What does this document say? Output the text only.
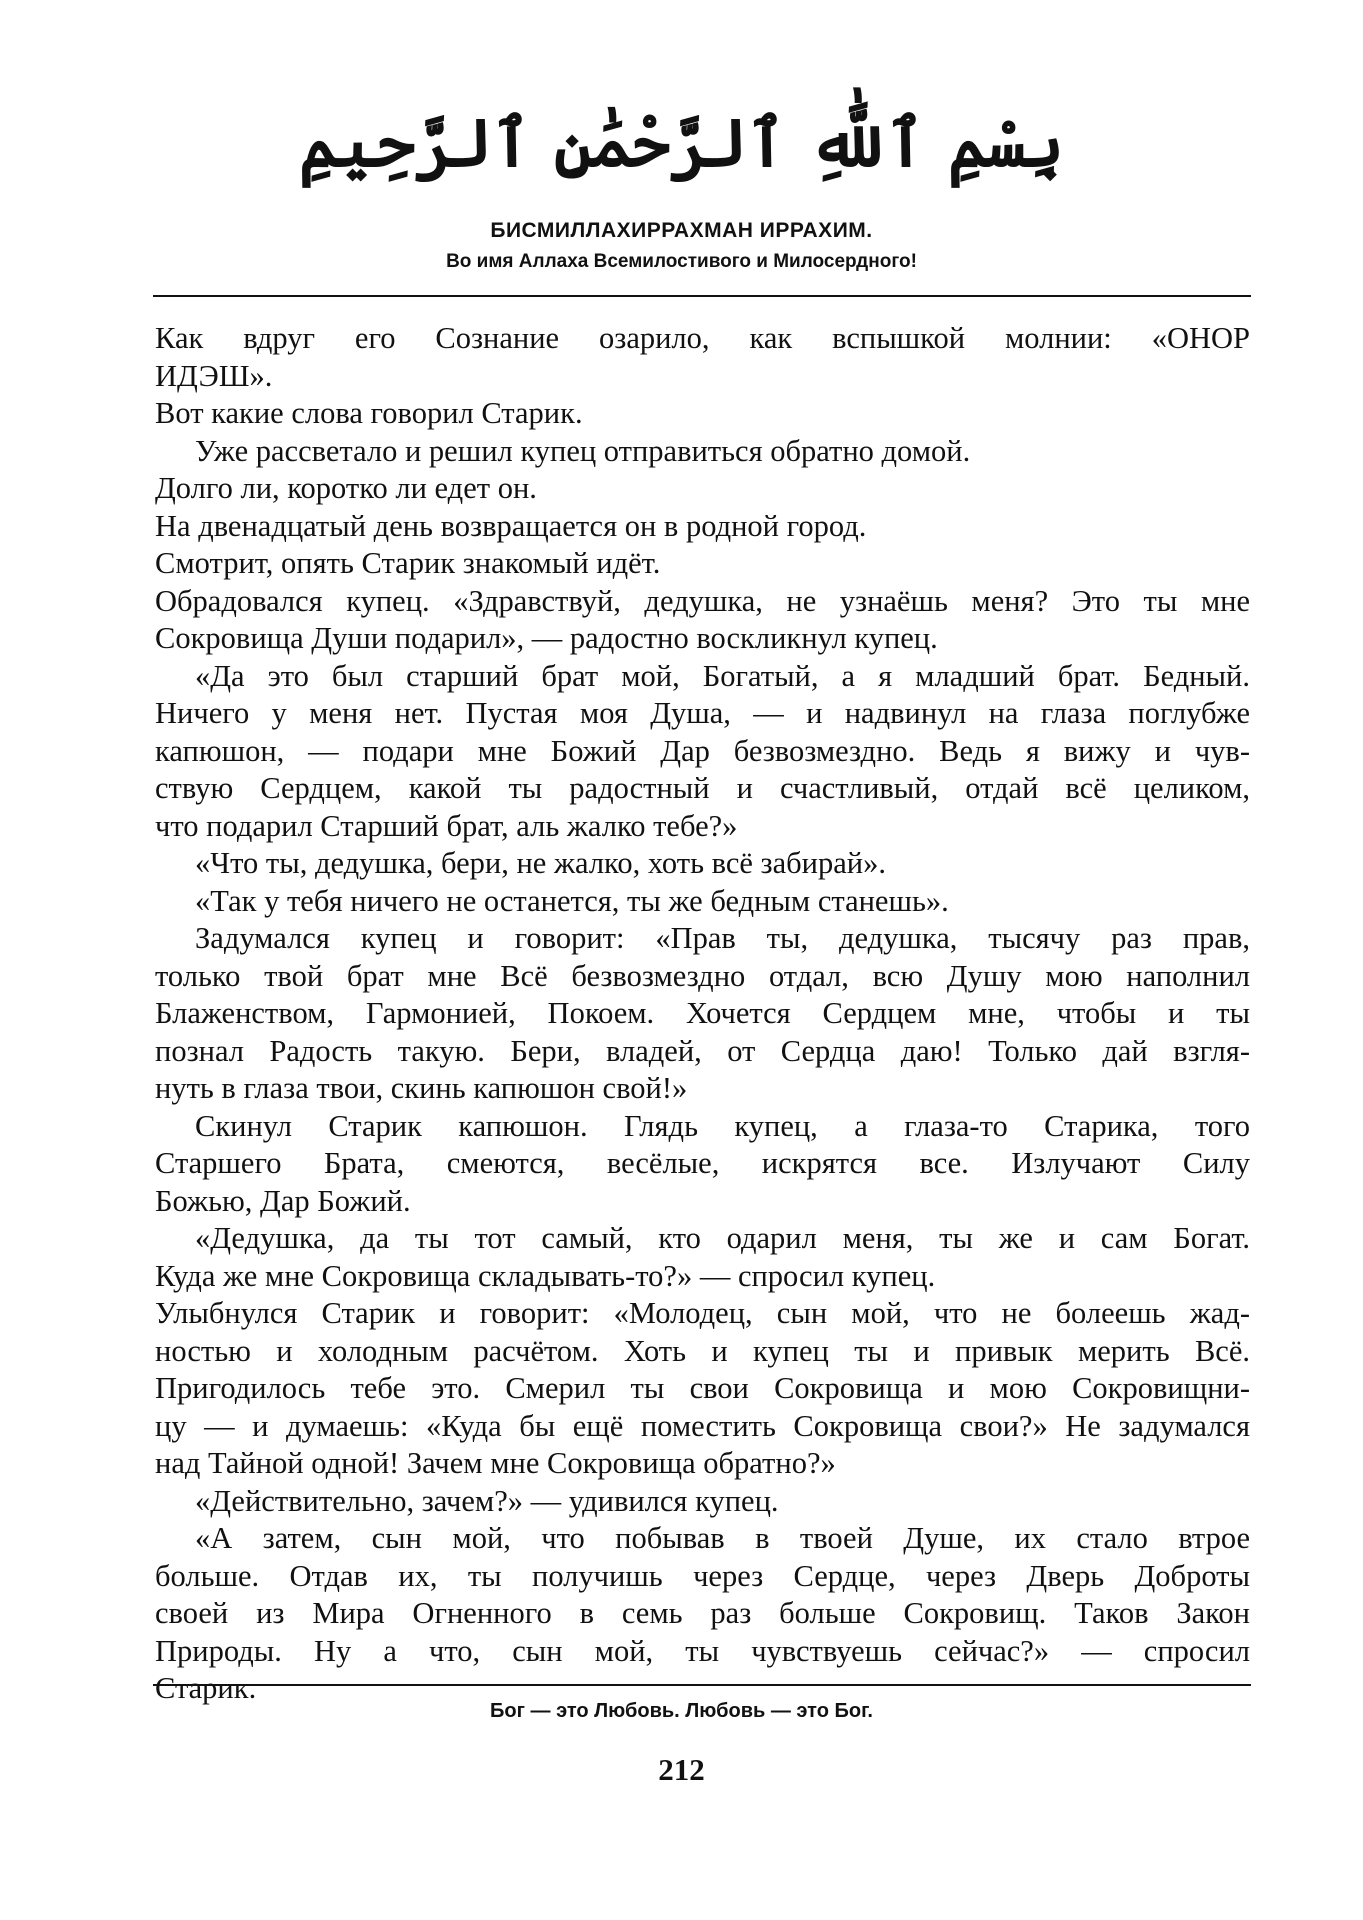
بِسْمِ ٱللَّٰهِ ٱلرَّحْمَٰنِ ٱلرَّحِيمِ
БИСМИЛЛАХИРРАХМАН ИРРАХИМ.
Во имя Аллаха Всемилостивого и Милосердного!
Как вдруг его Сознание озарило, как вспышкой молнии: «ОНОР
ИДЭШ».
Вот какие слова говорил Старик.
Уже рассветало и решил купец отправиться обратно домой.
Долго ли, коротко ли едет он.
На двенадцатый день возвращается он в родной город.
Смотрит, опять Старик знакомый идёт.
Обрадовался купец. «Здравствуй, дедушка, не узнаёшь меня? Это ты мне
Сокровища Души подарил», — радостно воскликнул купец.
«Да это был старший брат мой, Богатый, а я младший брат. Бедный.
Ничего у меня нет. Пустая моя Душа, — и надвинул на глаза поглубже
капюшон, — подари мне Божий Дар безвозмездно. Ведь я вижу и чув-
ствую Сердцем, какой ты радостный и счастливый, отдай всё целиком,
что подарил Старший брат, аль жалко тебе?»
«Что ты, дедушка, бери, не жалко, хоть всё забирай».
«Так у тебя ничего не останется, ты же бедным станешь».
Задумался купец и говорит: «Прав ты, дедушка, тысячу раз прав,
только твой брат мне Всё безвозмездно отдал, всю Душу мою наполнил
Блаженством, Гармонией, Покоем. Хочется Сердцем мне, чтобы и ты
познал Радость такую. Бери, владей, от Сердца даю! Только дай взгля-
нуть в глаза твои, скинь капюшон свой!»
Скинул Старик капюшон. Глядь купец, а глаза-то Старика, того
Старшего Брата, смеются, весёлые, искрятся все. Излучают Силу
Божью, Дар Божий.
«Дедушка, да ты тот самый, кто одарил меня, ты же и сам Богат.
Куда же мне Сокровища складывать-то?» — спросил купец.
Улыбнулся Старик и говорит: «Молодец, сын мой, что не болеешь жад-
ностью и холодным расчётом. Хоть и купец ты и привык мерить Всё.
Пригодилось тебе это. Смерил ты свои Сокровища и мою Сокровищни-
цу — и думаешь: «Куда бы ещё поместить Сокровища свои?» Не задумался
над Тайной одной! Зачем мне Сокровища обратно?»
«Действительно, зачем?» — удивился купец.
«А затем, сын мой, что побывав в твоей Душе, их стало втрое
больше. Отдав их, ты получишь через Сердце, через Дверь Доброты
своей из Мира Огненного в семь раз больше Сокровищ. Таков Закон
Природы. Ну а что, сын мой, ты чувствуешь сейчас?» — спросил
Старик.
Бог — это Любовь. Любовь — это Бог.
212
